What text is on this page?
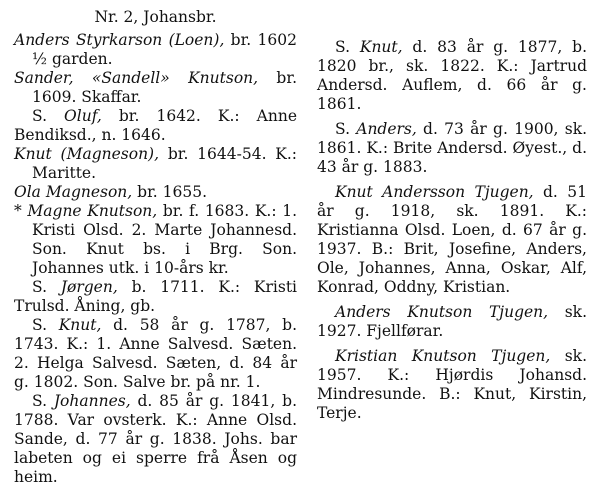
Nr. 2, Johansbr.

Anders Styrkarson (Loen), br. 1602 ½ garden.

Sander, «Sandell» Knutson, br. 1609. Skaffar.

S. Oluf, br. 1642. K.: Anne Bendiksd., n. 1646.

Knut (Magneson), br. 1644-54. K.: Maritte.

Ola Magneson, br. 1655.

* Magne Knutson, br. f. 1683. K.: 1. Kristi Olsd. 2. Marte Johannesd. Son. Knut bs. i Brg. Son. Johannes utk. i 10-års kr.

S. Jørgen, b. 1711. K.: Kristi Trulsd. Åning, gb.

S. Knut, d. 58 år g. 1787, b. 1743. K.: 1. Anne Salvesd. Sæten. 2. Helga Salvesd. Sæten, d. 84 år g. 1802. Son. Salve br. på nr. 1.

S. Johannes, d. 85 år g. 1841, b. 1788. Var ovsterk. K.: Anne Olsd. Sande, d. 77 år g. 1838. Johs. bar labeten og ei sperre frå Åsen og heim.

S. Knut, d. 83 år g. 1877, b. 1820 br., sk. 1822. K.: Jartrud Andersd. Auflem, d. 66 år g. 1861.

S. Anders, d. 73 år g. 1900, sk. 1861. K.: Brite Andersd. Øyest., d. 43 år g. 1883.

Knut Andersson Tjugen, d. 51 år g. 1918, sk. 1891. K.: Kristianna Olsd. Loen, d. 67 år g. 1937. B.: Brit, Josefine, Anders, Ole, Johannes, Anna, Oskar, Alf, Konrad, Oddny, Kristian.

Anders Knutson Tjugen, sk. 1927. Fjellførar.

Kristian Knutson Tjugen, sk. 1957. K.: Hjørdis Johansd. Mindresunde. B.: Knut, Kirstin, Terje.
